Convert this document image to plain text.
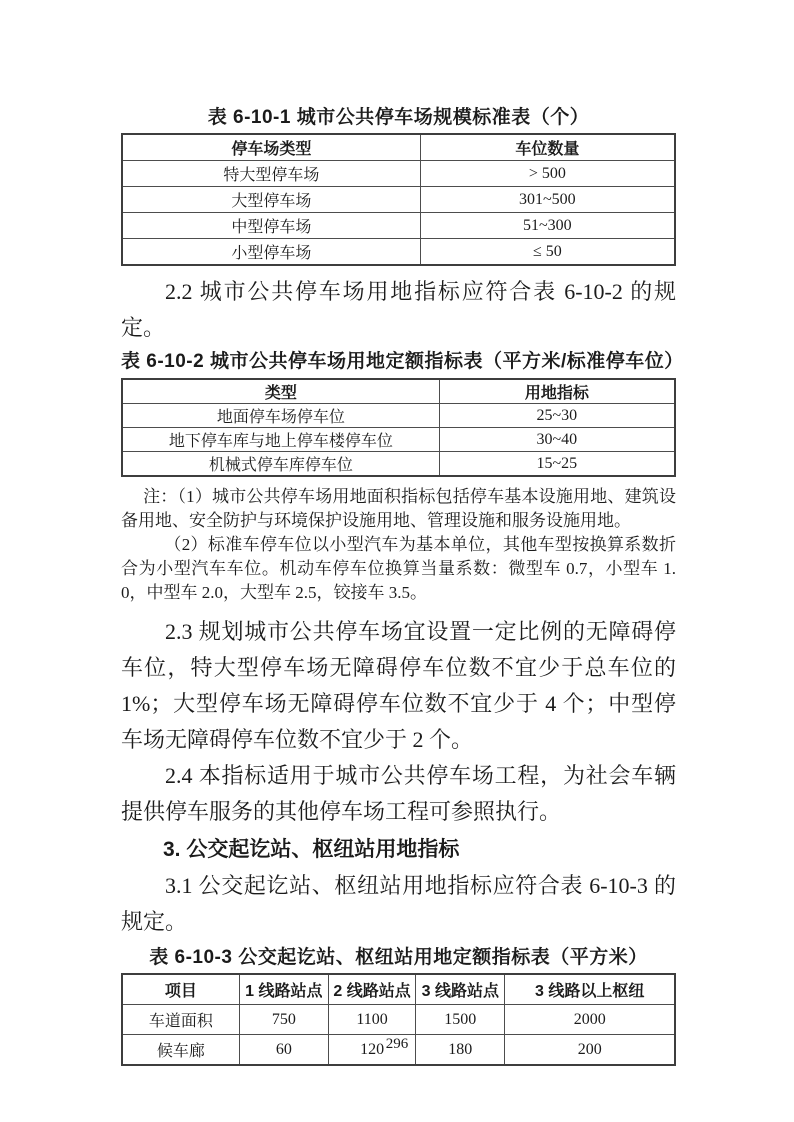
表 6-10-1 城市公共停车场规模标准表（个）
停车场类型	车位数量
特大型停车场	> 500
大型停车场	301~500
中型停车场	51~300
小型停车场	≤ 50

2.2 城市公共停车场用地指标应符合表 6-10-2 的规定。

表 6-10-2 城市公共停车场用地定额指标表（平方米/标准停车位）
类型	用地指标
地面停车场停车位	25~30
地下停车库与地上停车楼停车位	30~40
机械式停车库停车位	15~25

注：（1）城市公共停车场用地面积指标包括停车基本设施用地、建筑设备用地、安全防护与环境保护设施用地、管理设施和服务设施用地。

（2）标准车停车位以小型汽车为基本单位，其他车型按换算系数折合为小型汽车车位。机动车停车位换算当量系数：微型车 0.7，小型车 1.0，中型车 2.0，大型车 2.5，铰接车 3.5。

2.3 规划城市公共停车场宜设置一定比例的无障碍停车位，特大型停车场无障碍停车位数不宜少于总车位的 1%；大型停车场无障碍停车位数不宜少于 4 个；中型停车场无障碍停车位数不宜少于 2 个。

2.4 本指标适用于城市公共停车场工程，为社会车辆提供停车服务的其他停车场工程可参照执行。

3. 公交起讫站、枢纽站用地指标

3.1 公交起讫站、枢纽站用地指标应符合表 6-10-3 的规定。

表 6-10-3 公交起讫站、枢纽站用地定额指标表（平方米）
项目	1 线路站点	2 线路站点	3 线路站点	3 线路以上枢纽
车道面积	750	1100	1500	2000
候车廊	60	120	180	200
296
